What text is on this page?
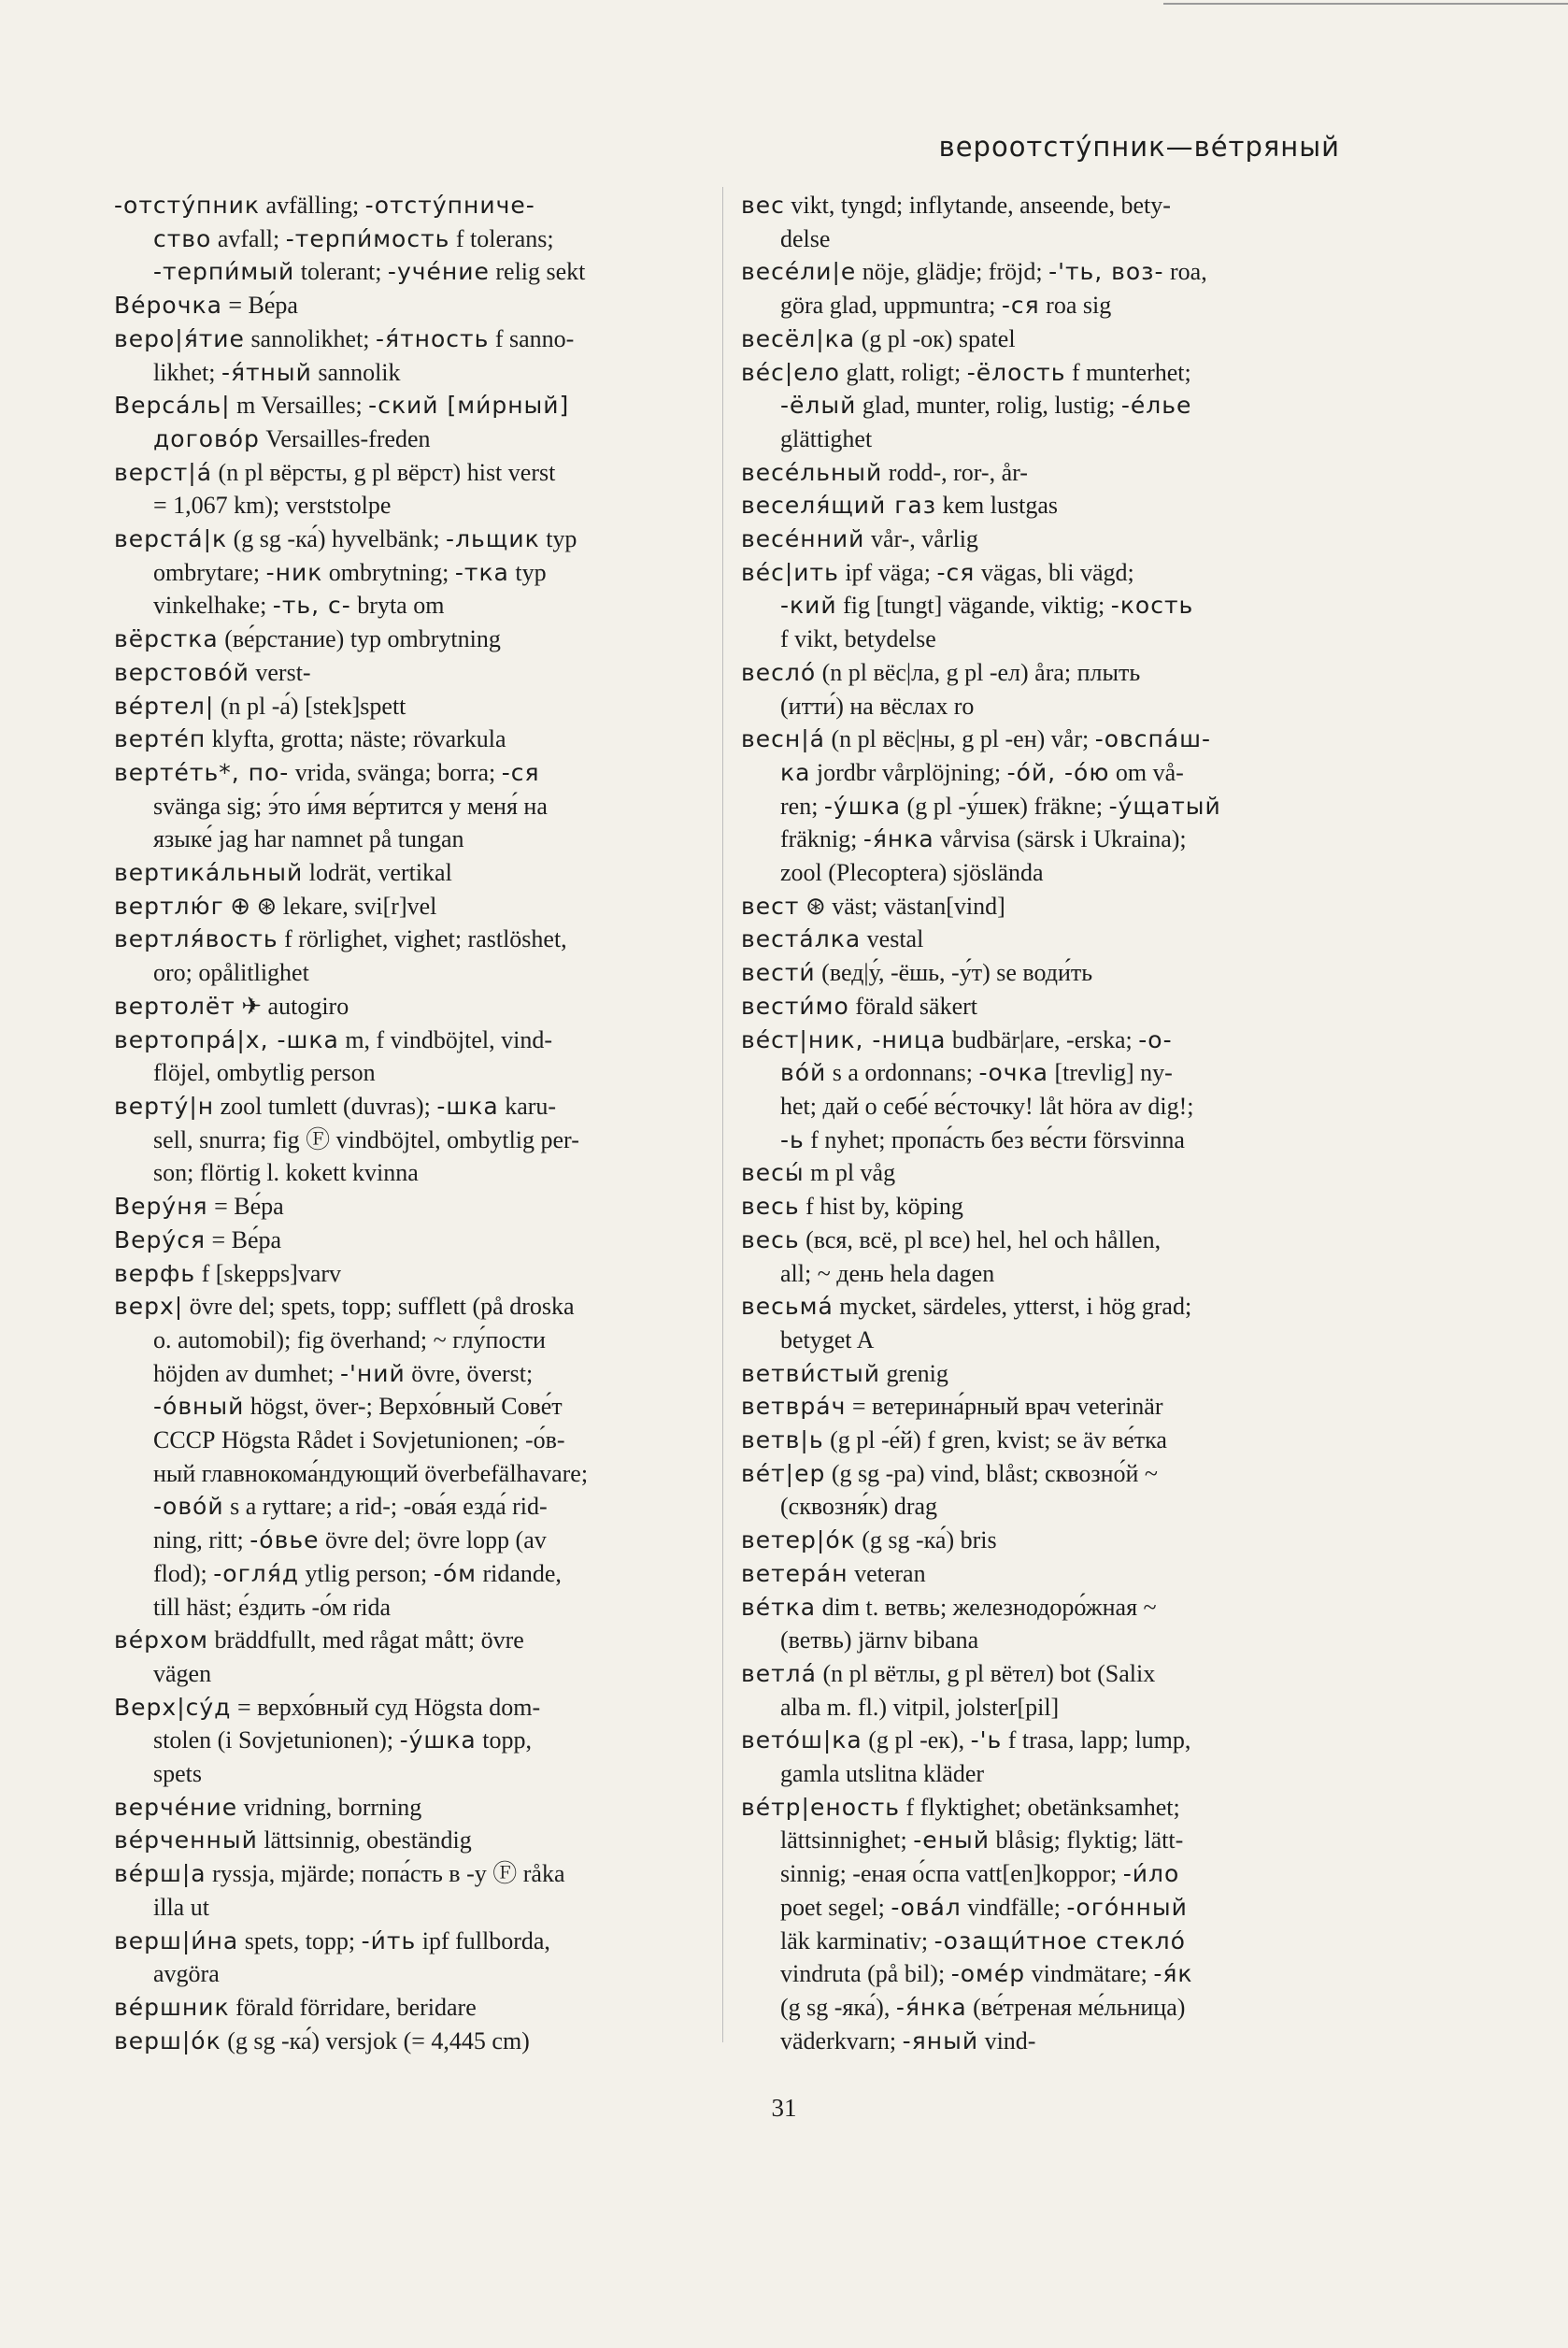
вероотсту́пник—ве́тряный
-отсту́пник avfälling; -отсту́пниче-
ство avfall; -терпи́мость f tolerans;
-терпи́мый tolerant; -уче́ние relig sekt
Ве́рочка = Ве́ра
веро|я́тие sannolikhet; -я́тность f sanno-
likhet; -я́тный sannolik
Верса́ль| m Versailles; -ский [ми́рный]
догово́р Versailles-freden
верст|а́ (n pl вёрсты, g pl вёрст) hist verst
= 1,067 km); verststolpe
верста́|к (g sg -ка́) hyvelbänk; -льщик typ
ombrytare; -ник ombrytning; -тка typ
vinkelhake; -ть, с- bryta om
вёрстка (ве́рстание) typ ombrytning
верстово́й verst-
ве́ртел| (n pl -а́) [stek]spett
верте́п klyfta, grotta; näste; rövarkula
верте́ть*, по- vrida, svänga; borra; -ся
svänga sig; э́то и́мя ве́ртится у меня́ на
языке́ jag har namnet på tungan
вертика́льный lodrät, vertikal
вертлю́г ⊕ ⊛ lekare, svi[r]vel
вертля́вость f rörlighet, vighet; rastlöshet,
oro; opålitlighet
вертолёт ✈ autogiro
вертопра́|х, -шка m, f vindböjtel, vind-
flöjel, ombytlig person
верту́|н zool tumlett (duvras); -шка karu-
sell, snurra; fig Ⓕ vindböjtel, ombytlig per-
son; flörtig l. kokett kvinna
Веру́ня = Ве́ра
Веру́ся = Ве́ра
верфь f [skepps]varv
верх| övre del; spets, topp; sufflett (på droska
o. automobil); fig överhand; ~ глу́пости
höjden av dumhet; -'ний övre, överst;
-о́вный högst, över-; Верхо́вный Сове́т
СССР Högsta Rådet i Sovjetunionen; -о́в-
ный главнокома́ндующий överbefälhavare;
-ово́й s a ryttare; a rid-; -ова́я езда́ rid-
ning, ritt; -о́вье övre del; övre lopp (av
flod); -огля́д ytlig person; -о́м ridande,
till häst; е́здить -о́м rida
ве́рхом bräddfullt, med rågat mått; övre
vägen
Верх|су́д = верхо́вный суд Högsta dom-
stolen (i Sovjetunionen); -у́шка topp,
spets
верче́ние vridning, borrning
ве́рченный lättsinnig, obeständig
ве́рш|а ryssja, mjärde; попа́сть в -у Ⓕ råka
illa ut
верш|и́на spets, topp; -и́ть ipf fullborda,
avgöra
ве́ршник förald förridare, beridare
верш|о́к (g sg -ка́) versjok (= 4,445 cm)
вес vikt, tyngd; inflytande, anseende, bety-
delse
весе́ли|е nöje, glädje; fröjd; -'ть, воз- roa,
göra glad, uppmuntra; -ся roa sig
весёл|ка (g pl -ок) spatel
ве́с|ело glatt, roligt; -ёлость f munterhet;
-ёлый glad, munter, rolig, lustig; -е́лье
glättighet
весе́льный rodd-, ror-, år-
веселя́щий газ kem lustgas
весе́нний vår-, vårlig
ве́с|ить ipf väga; -ся vägas, bli vägd;
-кий fig [tungt] vägande, viktig; -кость
f vikt, betydelse
весло́ (n pl вёс|ла, g pl -ел) åra; плыть
(итти́) на вёслах ro
весн|а́ (n pl вёс|ны, g pl -ен) vår; -овспа́ш-
ка jordbr vårplöjning; -о́й, -о́ю om vå-
ren; -у́шка (g pl -у́шек) fräkne; -у́щатый
fräknig; -я́нка vårvisa (särsk i Ukraina);
zool (Plecoptera) sjöslända
вест ⊛ väst; västan[vind]
веста́лка vestal
вести́ (вед|у́, -ёшь, -у́т) se води́ть
вести́мо förald säkert
ве́ст|ник, -ница budbär|are, -erska; -о-
во́й s a ordonnans; -очка [trevlig] ny-
het; дай о себе́ ве́сточку! låt höra av dig!;
-ь f nyhet; пропа́сть без ве́сти försvinna
весы́ m pl våg
весь f hist by, köping
весь (вся, всё, pl все) hel, hel och hållen,
all; ~ день hela dagen
весьма́ mycket, särdeles, ytterst, i hög grad;
betyget A
ветви́стый grenig
ветвра́ч = ветерина́рный врач veterinär
ветв|ь (g pl -е́й) f gren, kvist; se äv ве́тка
ве́т|ер (g sg -ра) vind, blåst; сквозно́й ~
(сквозня́к) drag
ветер|о́к (g sg -ка́) bris
ветера́н veteran
ве́тка dim t. ветвь; железнодоро́жная ~
(ветвь) järnv bibana
ветла́ (n pl вётлы, g pl вётел) bot (Salix
alba m. fl.) vitpil, jolster[pil]
вето́ш|ка (g pl -ек), -'ь f trasa, lapp; lump,
gamla utslitna kläder
ве́тр|еность f flyktighet; obetänksamhet;
lättsinnighet; -еный blåsig; flyktig; lätt-
sinnig; -еная о́спа vatt[en]koppor; -и́ло
poet segel; -ова́л vindfälle; -ого́нный
läk karminativ; -озащи́тное стекло́
vindruta (på bil); -оме́р vindmätare; -я́к
(g sg -яка́), -я́нка (ве́треная ме́льница)
väderkvarn; -яный vind-
31
